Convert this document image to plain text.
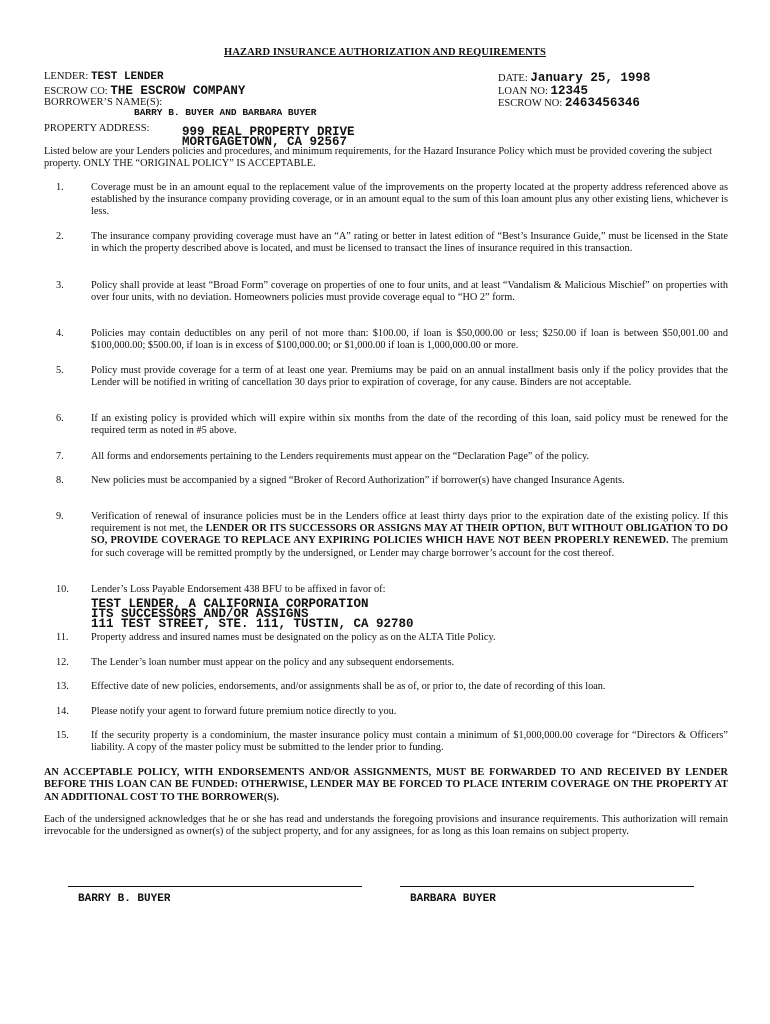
HAZARD INSURANCE AUTHORIZATION AND REQUIREMENTS
LENDER: TEST LENDER
ESCROW CO: THE ESCROW COMPANY
BORROWER’S NAME(S):
BARRY B. BUYER AND BARBARA BUYER
DATE: January 25, 1998
LOAN NO: 12345
ESCROW NO: 2463456346
PROPERTY ADDRESS:	999 REAL PROPERTY DRIVE
MORTGAGETOWN, CA 92567
Listed below are your Lenders policies and procedures, and minimum requirements, for the Hazard Insurance Policy which must be provided covering the subject property. ONLY THE “ORIGINAL POLICY” IS ACCEPTABLE.
1.	Coverage must be in an amount equal to the replacement value of the improvements on the property located at the property address referenced above as established by the insurance company providing coverage, or in an amount equal to the sum of this loan amount plus any other existing liens, whichever is less.
2.	The insurance company providing coverage must have an “A” rating or better in latest edition of “Best’s Insurance Guide,” must be licensed in the State in which the property described above is located, and must be licensed to transact the lines of insurance required in this transaction.
3.	Policy shall provide at least “Broad Form” coverage on properties of one to four units, and at least “Vandalism & Malicious Mischief” on properties with over four units, with no deviation. Homeowners policies must provide coverage equal to “HO 2” form.
4.	Policies may contain deductibles on any peril of not more than: $100.00, if loan is $50,000.00 or less; $250.00 if loan is between $50,001.00 and $100,000.00; $500.00, if loan is in excess of $100,000.00; or $1,000.00 if loan is 1,000,000.00 or more.
5.	Policy must provide coverage for a term of at least one year. Premiums may be paid on an annual installment basis only if the policy provides that the Lender will be notified in writing of cancellation 30 days prior to expiration of coverage, for any cause. Binders are not acceptable.
6.	If an existing policy is provided which will expire within six months from the date of the recording of this loan, said policy must be renewed for the required term as noted in #5 above.
7.	All forms and endorsements pertaining to the Lenders requirements must appear on the “Declaration Page” of the policy.
8.	New policies must be accompanied by a signed “Broker of Record Authorization” if borrower(s) have changed Insurance Agents.
9.	Verification of renewal of insurance policies must be in the Lenders office at least thirty days prior to the expiration date of the existing policy. If this requirement is not met, the LENDER OR ITS SUCCESSORS OR ASSIGNS MAY AT THEIR OPTION, BUT WITHOUT OBLIGATION TO DO SO, PROVIDE COVERAGE TO REPLACE ANY EXPIRING POLICIES WHICH HAVE NOT BEEN PROPERLY RENEWED. The premium for such coverage will be remitted promptly by the undersigned, or Lender may charge borrower’s account for the cost thereof.
10.	Lender’s Loss Payable Endorsement 438 BFU to be affixed in favor of:
TEST LENDER, A CALIFORNIA CORPORATION
ITS SUCCESSORS AND/OR ASSIGNS
111 TEST STREET, STE. 111, TUSTIN, CA 92780
11.	Property address and insured names must be designated on the policy as on the ALTA Title Policy.
12.	The Lender’s loan number must appear on the policy and any subsequent endorsements.
13.	Effective date of new policies, endorsements, and/or assignments shall be as of, or prior to, the date of recording of this loan.
14.	Please notify your agent to forward future premium notice directly to you.
15.	If the security property is a condominium, the master insurance policy must contain a minimum of $1,000,000.00 coverage for “Directors & Officers” liability. A copy of the master policy must be submitted to the lender prior to funding.
AN ACCEPTABLE POLICY, WITH ENDORSEMENTS AND/OR ASSIGNMENTS, MUST BE FORWARDED TO AND RECEIVED BY LENDER BEFORE THIS LOAN CAN BE FUNDED: OTHERWISE, LENDER MAY BE FORCED TO PLACE INTERIM COVERAGE ON THE PROPERTY AT AN ADDITIONAL COST TO THE BORROWER(S).
Each of the undersigned acknowledges that he or she has read and understands the foregoing provisions and insurance requirements. This authorization will remain irrevocable for the undersigned as owner(s) of the subject property, and for any assignees, for as long as this loan remains on subject property.
BARRY B. BUYER	BARBARA BUYER
